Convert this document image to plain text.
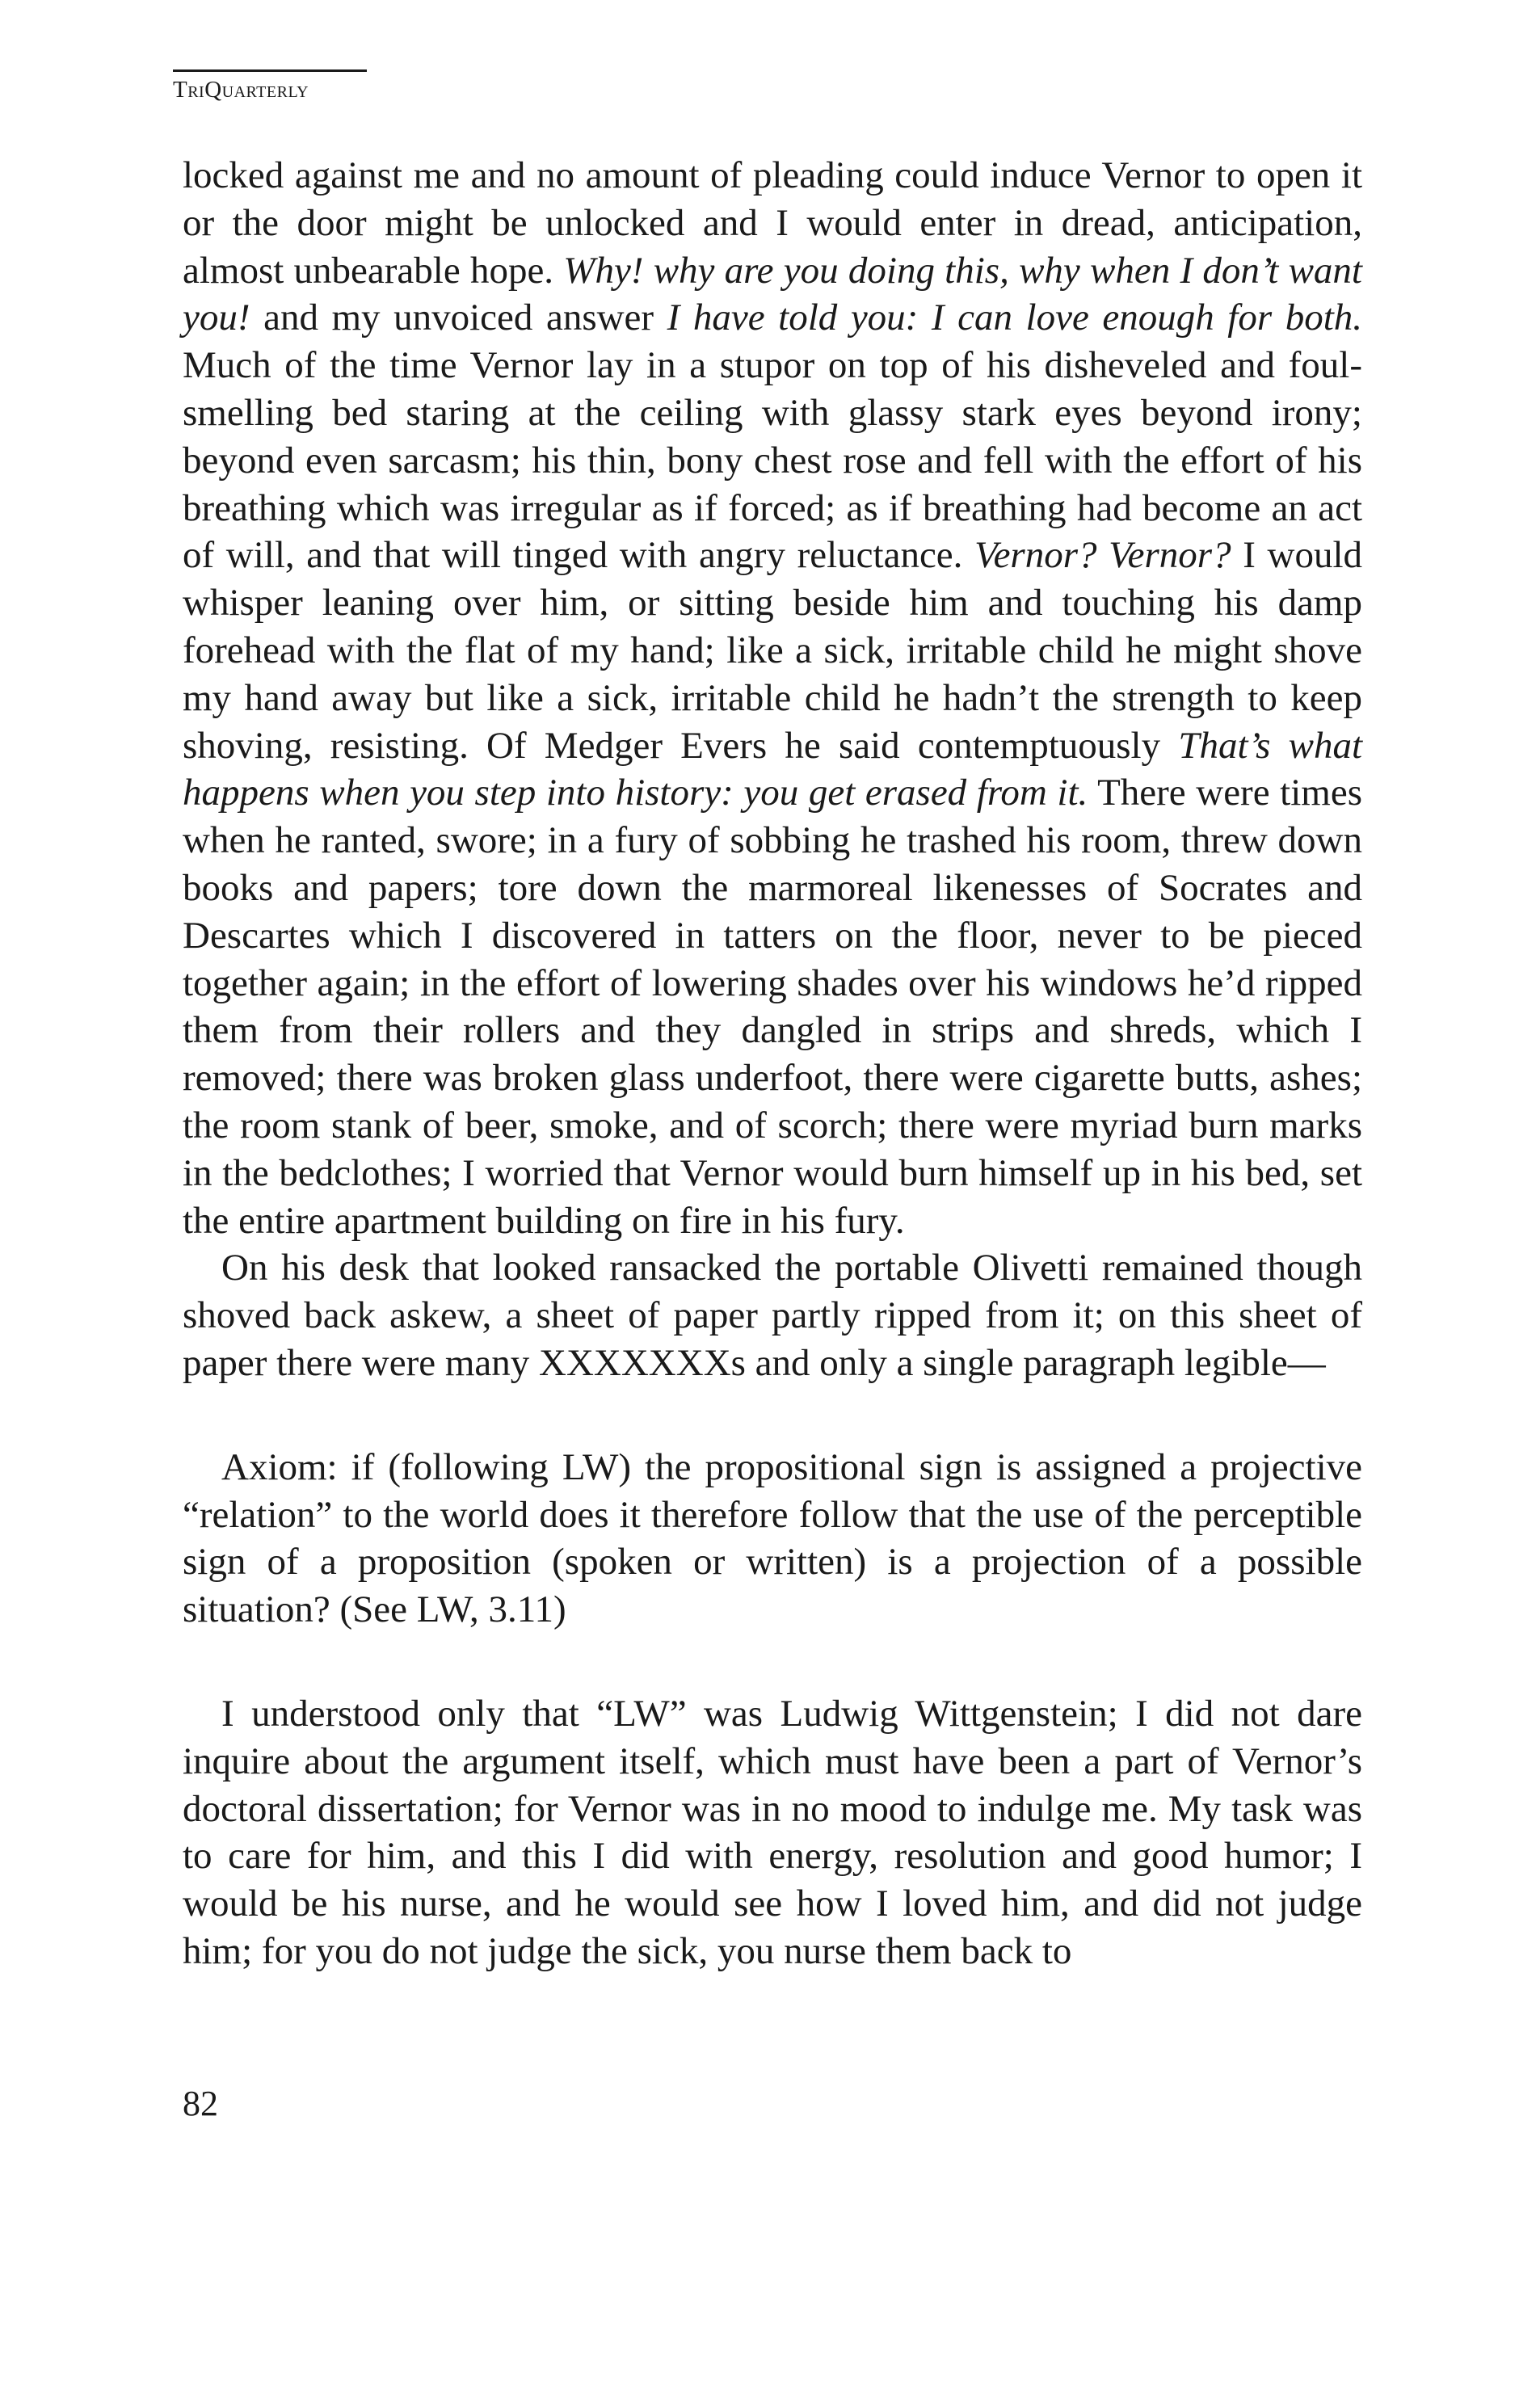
TriQuarterly

locked against me and no amount of pleading could induce Vernor to open it or the door might be unlocked and I would enter in dread, anticipation, almost unbearable hope. Why! why are you doing this, why when I don’t want you! and my unvoiced answer I have told you: I can love enough for both. Much of the time Vernor lay in a stupor on top of his disheveled and foul-smelling bed staring at the ceiling with glassy stark eyes beyond irony; beyond even sarcasm; his thin, bony chest rose and fell with the effort of his breathing which was irregular as if forced; as if breathing had become an act of will, and that will tinged with angry reluctance. Vernor? Vernor? I would whisper leaning over him, or sitting beside him and touching his damp forehead with the flat of my hand; like a sick, irritable child he might shove my hand away but like a sick, irritable child he hadn’t the strength to keep shoving, resisting. Of Medger Evers he said contemptuously That’s what happens when you step into history: you get erased from it. There were times when he ranted, swore; in a fury of sobbing he trashed his room, threw down books and papers; tore down the marmoreal likenesses of Socrates and Descartes which I discovered in tatters on the floor, never to be pieced together again; in the effort of lowering shades over his windows he’d ripped them from their rollers and they dangled in strips and shreds, which I removed; there was broken glass underfoot, there were cigarette butts, ashes; the room stank of beer, smoke, and of scorch; there were myriad burn marks in the bedclothes; I worried that Vernor would burn himself up in his bed, set the entire apartment building on fire in his fury.

On his desk that looked ransacked the portable Olivetti remained though shoved back askew, a sheet of paper partly ripped from it; on this sheet of paper there were many XXXXXXXs and only a single paragraph legible—

Axiom: if (following LW) the propositional sign is assigned a projective “relation” to the world does it therefore follow that the use of the perceptible sign of a proposition (spoken or written) is a projection of a possible situation? (See LW, 3.11)

I understood only that “LW” was Ludwig Wittgenstein; I did not dare inquire about the argument itself, which must have been a part of Vernor’s doctoral dissertation; for Vernor was in no mood to indulge me. My task was to care for him, and this I did with energy, resolution and good humor; I would be his nurse, and he would see how I loved him, and did not judge him; for you do not judge the sick, you nurse them back to

82
